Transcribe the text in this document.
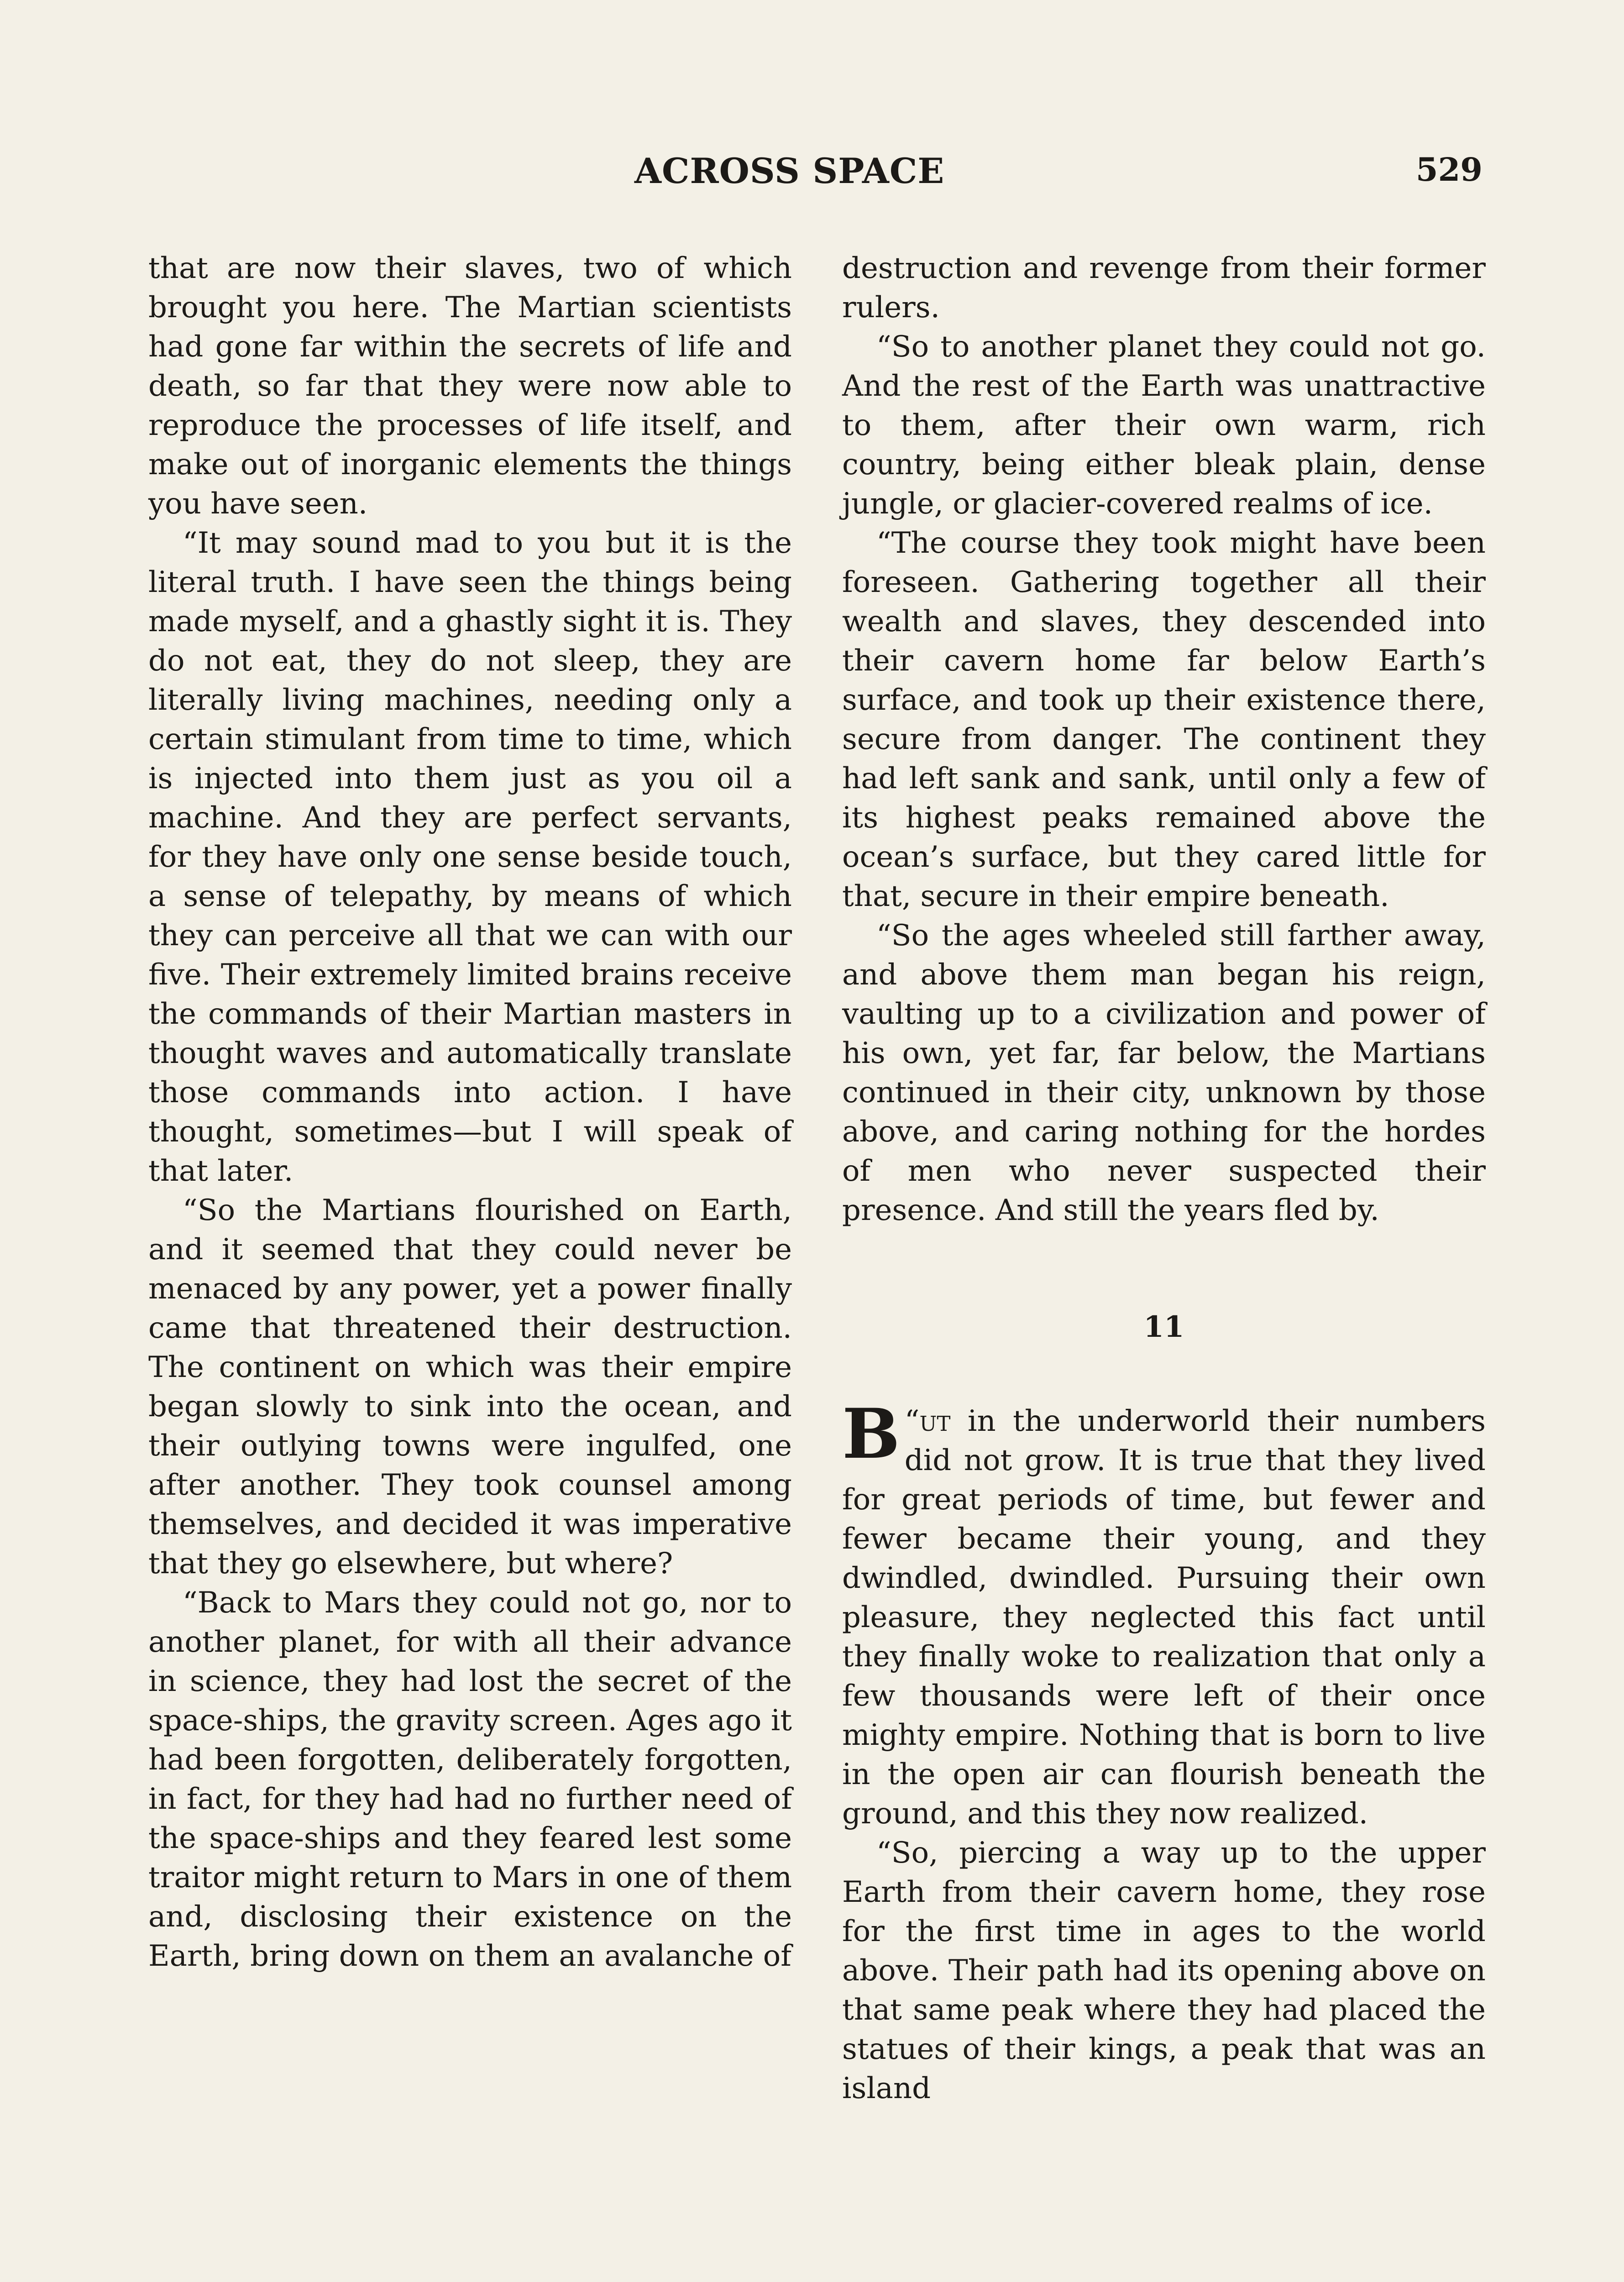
ACROSS SPACE	529

that are now their slaves, two of which brought you here. The Martian scientists had gone far within the secrets of life and death, so far that they were now able to reproduce the processes of life itself, and make out of inorganic elements the things you have seen.

“It may sound mad to you but it is the literal truth. I have seen the things being made myself, and a ghastly sight it is. They do not eat, they do not sleep, they are literally living machines, needing only a certain stimulant from time to time, which is injected into them just as you oil a machine. And they are perfect servants, for they have only one sense beside touch, a sense of telepathy, by means of which they can perceive all that we can with our five. Their extremely limited brains receive the commands of their Martian masters in thought waves and automatically translate those commands into action. I have thought, sometimes—but I will speak of that later.

“So the Martians flourished on Earth, and it seemed that they could never be menaced by any power, yet a power finally came that threatened their destruction. The continent on which was their empire began slowly to sink into the ocean, and their outlying towns were ingulfed, one after another. They took counsel among themselves, and decided it was imperative that they go elsewhere, but where?

“Back to Mars they could not go, nor to another planet, for with all their advance in science, they had lost the secret of the space-ships, the gravity screen. Ages ago it had been forgotten, deliberately forgotten, in fact, for they had had no further need of the space-ships and they feared lest some traitor might return to Mars in one of them and, disclosing their existence on the Earth, bring down on them an avalanche of

destruction and revenge from their former rulers.

“So to another planet they could not go. And the rest of the Earth was unattractive to them, after their own warm, rich country, being either bleak plain, dense jungle, or glacier-covered realms of ice.

“The course they took might have been foreseen. Gathering together all their wealth and slaves, they descended into their cavern home far below Earth’s surface, and took up their existence there, secure from danger. The continent they had left sank and sank, until only a few of its highest peaks remained above the ocean’s surface, but they cared little for that, secure in their empire beneath.

“So the ages wheeled still farther away, and above them man began his reign, vaulting up to a civilization and power of his own, yet far, far below, the Martians continued in their city, unknown by those above, and caring nothing for the hordes of men who never suspected their presence. And still the years fled by.

11

“
B ut in the underworld their numbers did not grow. It is true that they lived for great periods of time, but fewer and fewer became their young, and they dwindled, dwindled. Pursuing their own pleasure, they neglected this fact until they finally woke to realization that only a few thousands were left of their once mighty empire. Nothing that is born to live in the open air can flourish beneath the ground, and this they now realized.

“So, piercing a way up to the upper Earth from their cavern home, they rose for the first time in ages to the world above. Their path had its opening above on that same peak where they had placed the statues of their kings, a peak that was an island
